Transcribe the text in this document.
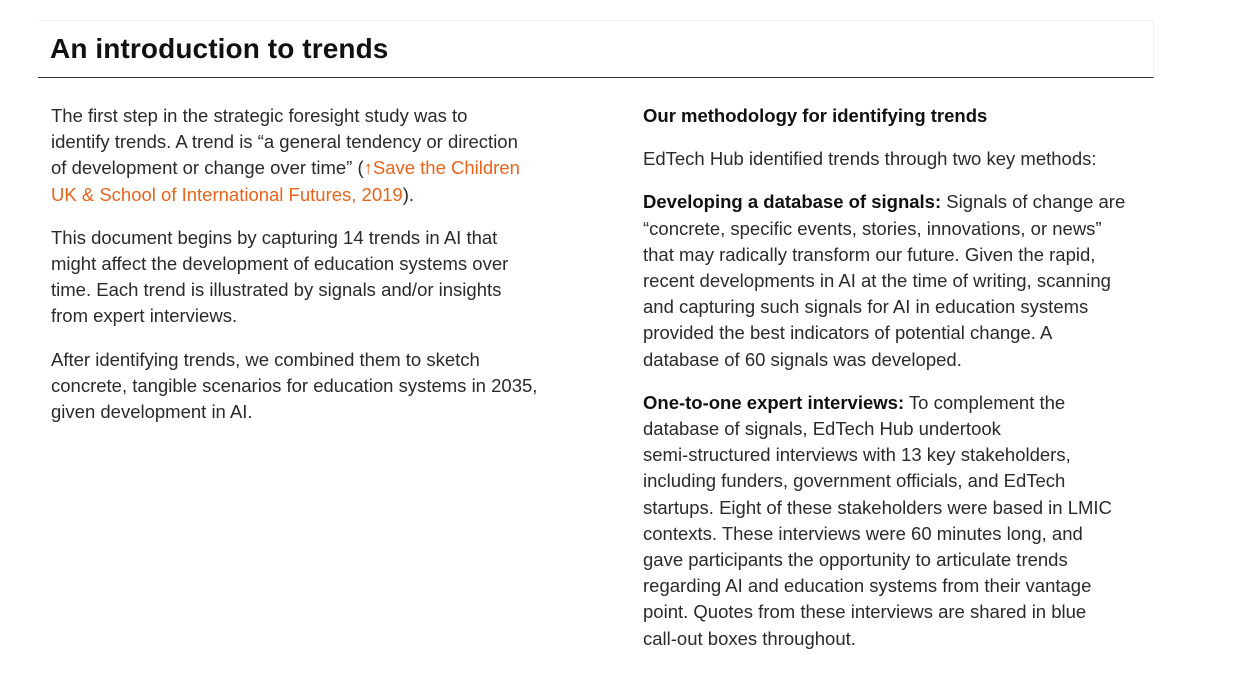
An introduction to trends

The first step in the strategic foresight study was to
identify trends. A trend is “a general tendency or direction
of development or change over time” (↑Save the Children
UK & School of International Futures, 2019).

This document begins by capturing 14 trends in AI that
might affect the development of education systems over
time. Each trend is illustrated by signals and/or insights
from expert interviews.

After identifying trends, we combined them to sketch
concrete, tangible scenarios for education systems in 2035,
given development in AI.

Our methodology for identifying trends

EdTech Hub identified trends through two key methods:

Developing a database of signals: Signals of change are
“concrete, specific events, stories, innovations, or news”
that may radically transform our future. Given the rapid,
recent developments in AI at the time of writing, scanning
and capturing such signals for AI in education systems
provided the best indicators of potential change. A
database of 60 signals was developed.

One-to-one expert interviews: To complement the
database of signals, EdTech Hub undertook
semi-structured interviews with 13 key stakeholders,
including funders, government officials, and EdTech
startups. Eight of these stakeholders were based in LMIC
contexts. These interviews were 60 minutes long, and
gave participants the opportunity to articulate trends
regarding AI and education systems from their vantage
point. Quotes from these interviews are shared in blue
call-out boxes throughout.
